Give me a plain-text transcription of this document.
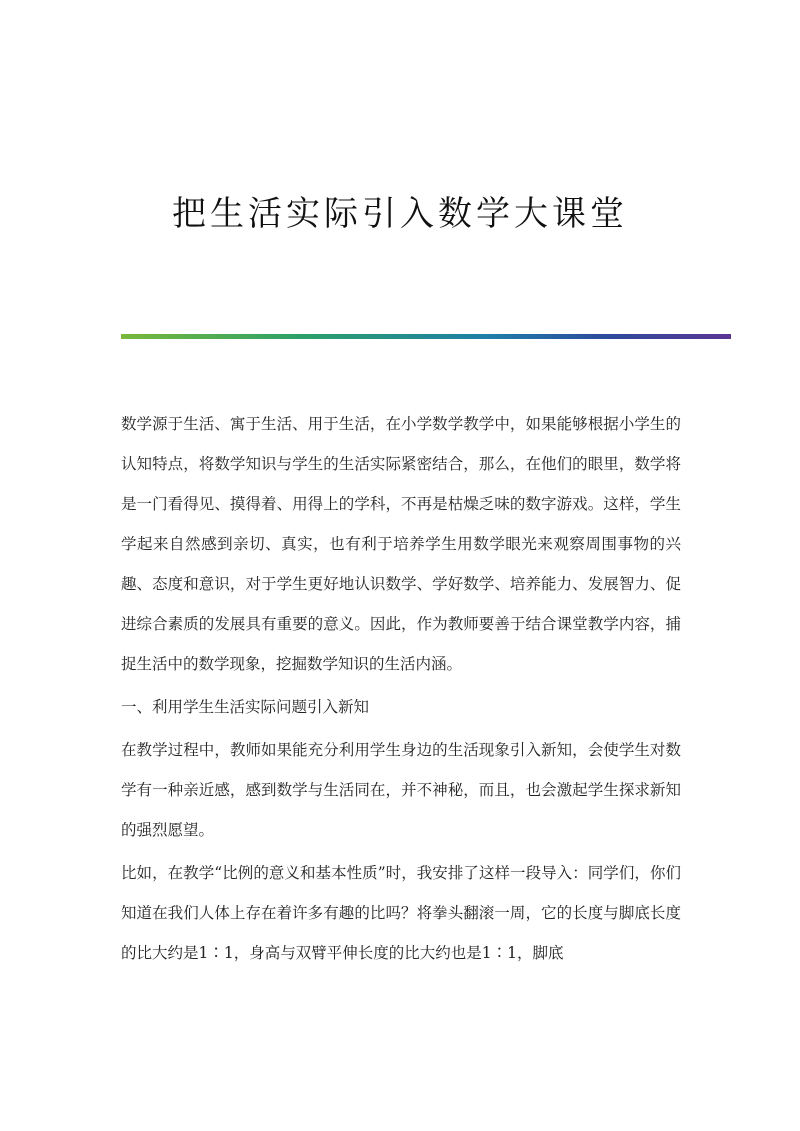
把生活实际引入数学大课堂

数学源于生活、寓于生活、用于生活，在小学数学教学中，如果能够根据小学生的认知特点，将数学知识与学生的生活实际紧密结合，那么，在他们的眼里，数学将是一门看得见、摸得着、用得上的学科，不再是枯燥乏味的数字游戏。这样，学生学起来自然感到亲切、真实，也有利于培养学生用数学眼光来观察周围事物的兴趣、态度和意识，对于学生更好地认识数学、学好数学、培养能力、发展智力、促进综合素质的发展具有重要的意义。因此，作为教师要善于结合课堂教学内容，捕捉生活中的数学现象，挖掘数学知识的生活内涵。

一、利用学生生活实际问题引入新知

在教学过程中，教师如果能充分利用学生身边的生活现象引入新知，会使学生对数学有一种亲近感，感到数学与生活同在，并不神秘，而且，也会激起学生探求新知的强烈愿望。

比如，在教学“比例的意义和基本性质”时，我安排了这样一段导入：同学们，你们知道在我们人体上存在着许多有趣的比吗？将拳头翻滚一周，它的长度与脚底长度的比大约是1∶1，身高与双臂平伸长度的比大约也是1∶1，脚底
